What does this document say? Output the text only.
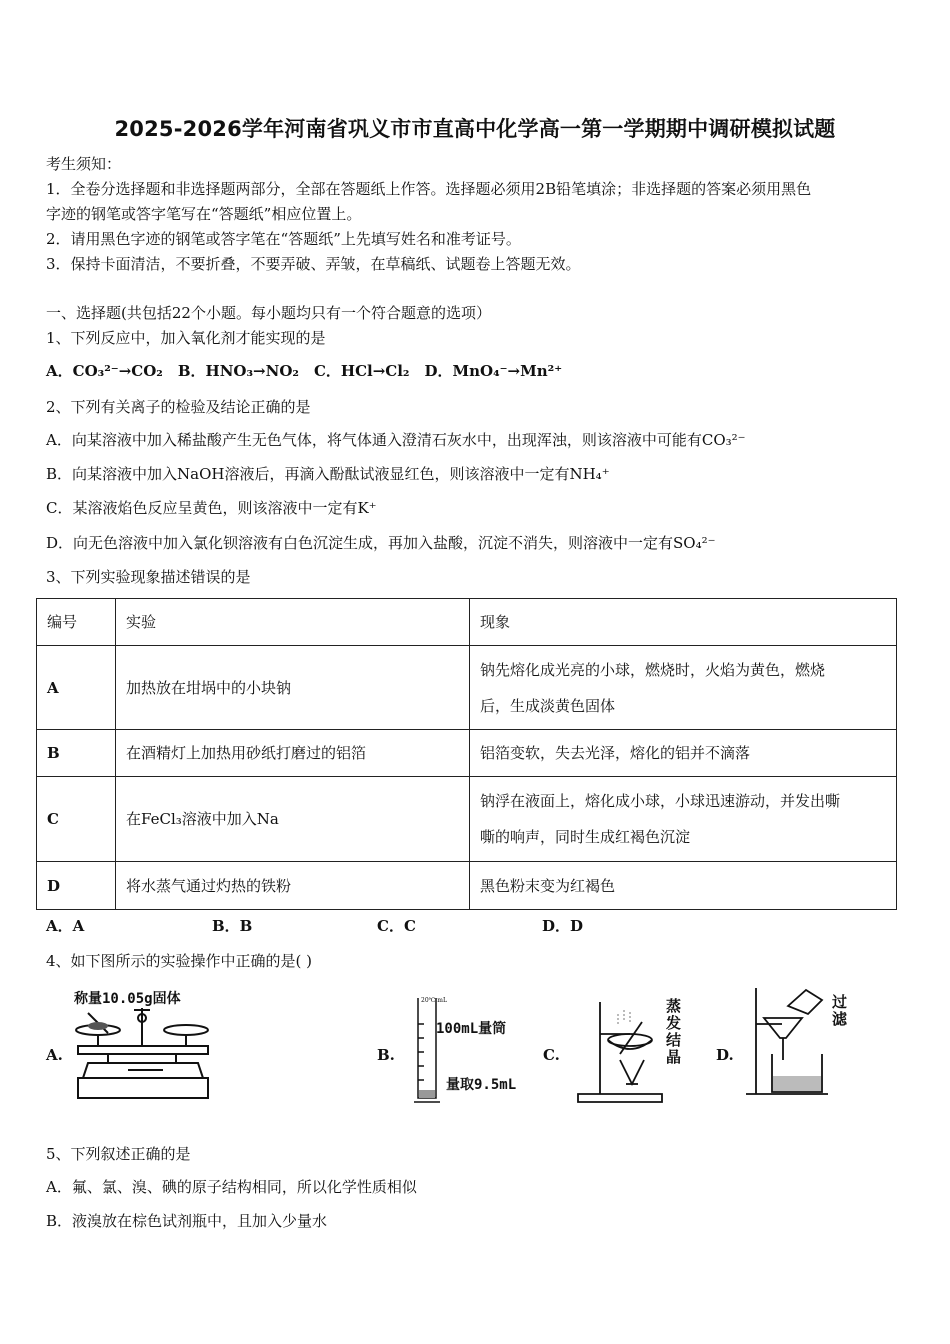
2025-2026学年河南省巩义市市直高中化学高一第一学期期中调研模拟试题
考生须知：
1．全卷分选择题和非选择题两部分，全部在答题纸上作答。选择题必须用2B铅笔填涂；非选择题的答案必须用黑色
字迹的钢笔或答字笔写在“答题纸”相应位置上。
2．请用黑色字迹的钢笔或答字笔在“答题纸”上先填写姓名和准考证号。
3．保持卡面清洁，不要折叠，不要弄破、弄皱，在草稿纸、试题卷上答题无效。
一、选择题(共包括22个小题。每小题均只有一个符合题意的选项）
1、下列反应中，加入氧化剂才能实现的是
A．CO₃²⁻→CO₂　B．HNO₃→NO₂　C．HCl→Cl₂　D．MnO₄⁻→Mn²⁺
2、下列有关离子的检验及结论正确的是
A．向某溶液中加入稀盐酸产生无色气体，将气体通入澄清石灰水中，出现浑浊，则该溶液中可能有CO₃²⁻
B．向某溶液中加入NaOH溶液后，再滴入酚酞试液显红色，则该溶液中一定有NH₄⁺
C．某溶液焰色反应呈黄色，则该溶液中一定有K⁺
D．向无色溶液中加入氯化钡溶液有白色沉淀生成，再加入盐酸，沉淀不消失，则溶液中一定有SO₄²⁻
3、下列实验现象描述错误的是
编号	实验	现象
A	加热放在坩埚中的小块钠	钠先熔化成光亮的小球，燃烧时，火焰为黄色，燃烧
后，生成淡黄色固体

B	在酒精灯上加热用砂纸打磨过的铝箔	铝箔变软，失去光泽，熔化的铝并不滴落
C	在FeCl₃溶液中加入Na	钠浮在液面上，熔化成小球，小球迅速游动，并发出嘶
嘶的响声，同时生成红褐色沉淀

D	将水蒸气通过灼热的铁粉	黑色粉末变为红褐色
A．A	B．B	C．C	D．D
4、如下图所示的实验操作中正确的是( )
A.
称量10.05g固体
B.
20℃ mL
100mL量筒
量取9.5mL
C.
蒸发结晶 D.
过滤
5、下列叙述正确的是
A．氟、氯、溴、碘的原子结构相同，所以化学性质相似
B．液溴放在棕色试剂瓶中，且加入少量水
